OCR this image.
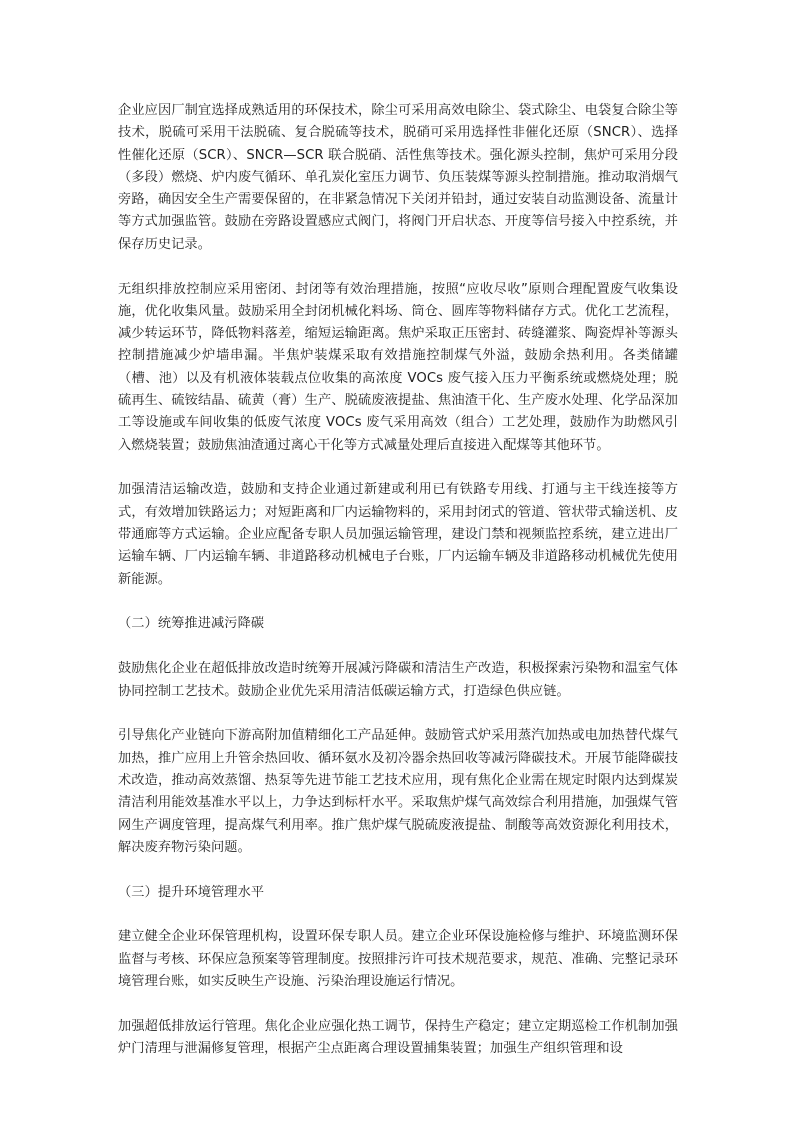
企业应因厂制宜选择成熟适用的环保技术，除尘可采用高效电除尘、袋式除尘、电袋复合除尘等技术，脱硫可采用干法脱硫、复合脱硫等技术，脱硝可采用选择性非催化还原（SNCR）、选择性催化还原（SCR）、SNCR—SCR 联合脱硝、活性焦等技术。强化源头控制，焦炉可采用分段（多段）燃烧、炉内废气循环、单孔炭化室压力调节、负压装煤等源头控制措施。推动取消烟气旁路，确因安全生产需要保留的，在非紧急情况下关闭并铅封，通过安装自动监测设备、流量计等方式加强监管。鼓励在旁路设置感应式阀门，将阀门开启状态、开度等信号接入中控系统，并保存历史记录。

无组织排放控制应采用密闭、封闭等有效治理措施，按照“应收尽收”原则合理配置废气收集设施，优化收集风量。鼓励采用全封闭机械化料场、筒仓、圆库等物料储存方式。优化工艺流程，减少转运环节，降低物料落差，缩短运输距离。焦炉采取正压密封、砖缝灌浆、陶瓷焊补等源头控制措施减少炉墙串漏。半焦炉装煤采取有效措施控制煤气外溢，鼓励余热利用。各类储罐（槽、池）以及有机液体装载点位收集的高浓度 VOCs 废气接入压力平衡系统或燃烧处理；脱硫再生、硫铵结晶、硫黄（膏）生产、脱硫废液提盐、焦油渣干化、生产废水处理、化学品深加工等设施或车间收集的低废气浓度 VOCs 废气采用高效（组合）工艺处理，鼓励作为助燃风引入燃烧装置；鼓励焦油渣通过离心干化等方式减量处理后直接进入配煤等其他环节。

加强清洁运输改造，鼓励和支持企业通过新建或利用已有铁路专用线、打通与主干线连接等方式，有效增加铁路运力；对短距离和厂内运输物料的，采用封闭式的管道、管状带式输送机、皮带通廊等方式运输。企业应配备专职人员加强运输管理，建设门禁和视频监控系统，建立进出厂运输车辆、厂内运输车辆、非道路移动机械电子台账，厂内运输车辆及非道路移动机械优先使用新能源。

（二）统筹推进减污降碳

鼓励焦化企业在超低排放改造时统筹开展减污降碳和清洁生产改造，积极探索污染物和温室气体协同控制工艺技术。鼓励企业优先采用清洁低碳运输方式，打造绿色供应链。

引导焦化产业链向下游高附加值精细化工产品延伸。鼓励管式炉采用蒸汽加热或电加热替代煤气加热，推广应用上升管余热回收、循环氨水及初冷器余热回收等减污降碳技术。开展节能降碳技术改造，推动高效蒸馏、热泵等先进节能工艺技术应用，现有焦化企业需在规定时限内达到煤炭清洁利用能效基准水平以上，力争达到标杆水平。采取焦炉煤气高效综合利用措施，加强煤气管网生产调度管理，提高煤气利用率。推广焦炉煤气脱硫废液提盐、制酸等高效资源化利用技术，解决废弃物污染问题。

（三）提升环境管理水平

建立健全企业环保管理机构，设置环保专职人员。建立企业环保设施检修与维护、环境监测环保监督与考核、环保应急预案等管理制度。按照排污许可技术规范要求，规范、准确、完整记录环境管理台账，如实反映生产设施、污染治理设施运行情况。

加强超低排放运行管理。焦化企业应强化热工调节，保持生产稳定；建立定期巡检工作机制加强炉门清理与泄漏修复管理，根据产尘点距离合理设置捕集装置；加强生产组织管理和设
